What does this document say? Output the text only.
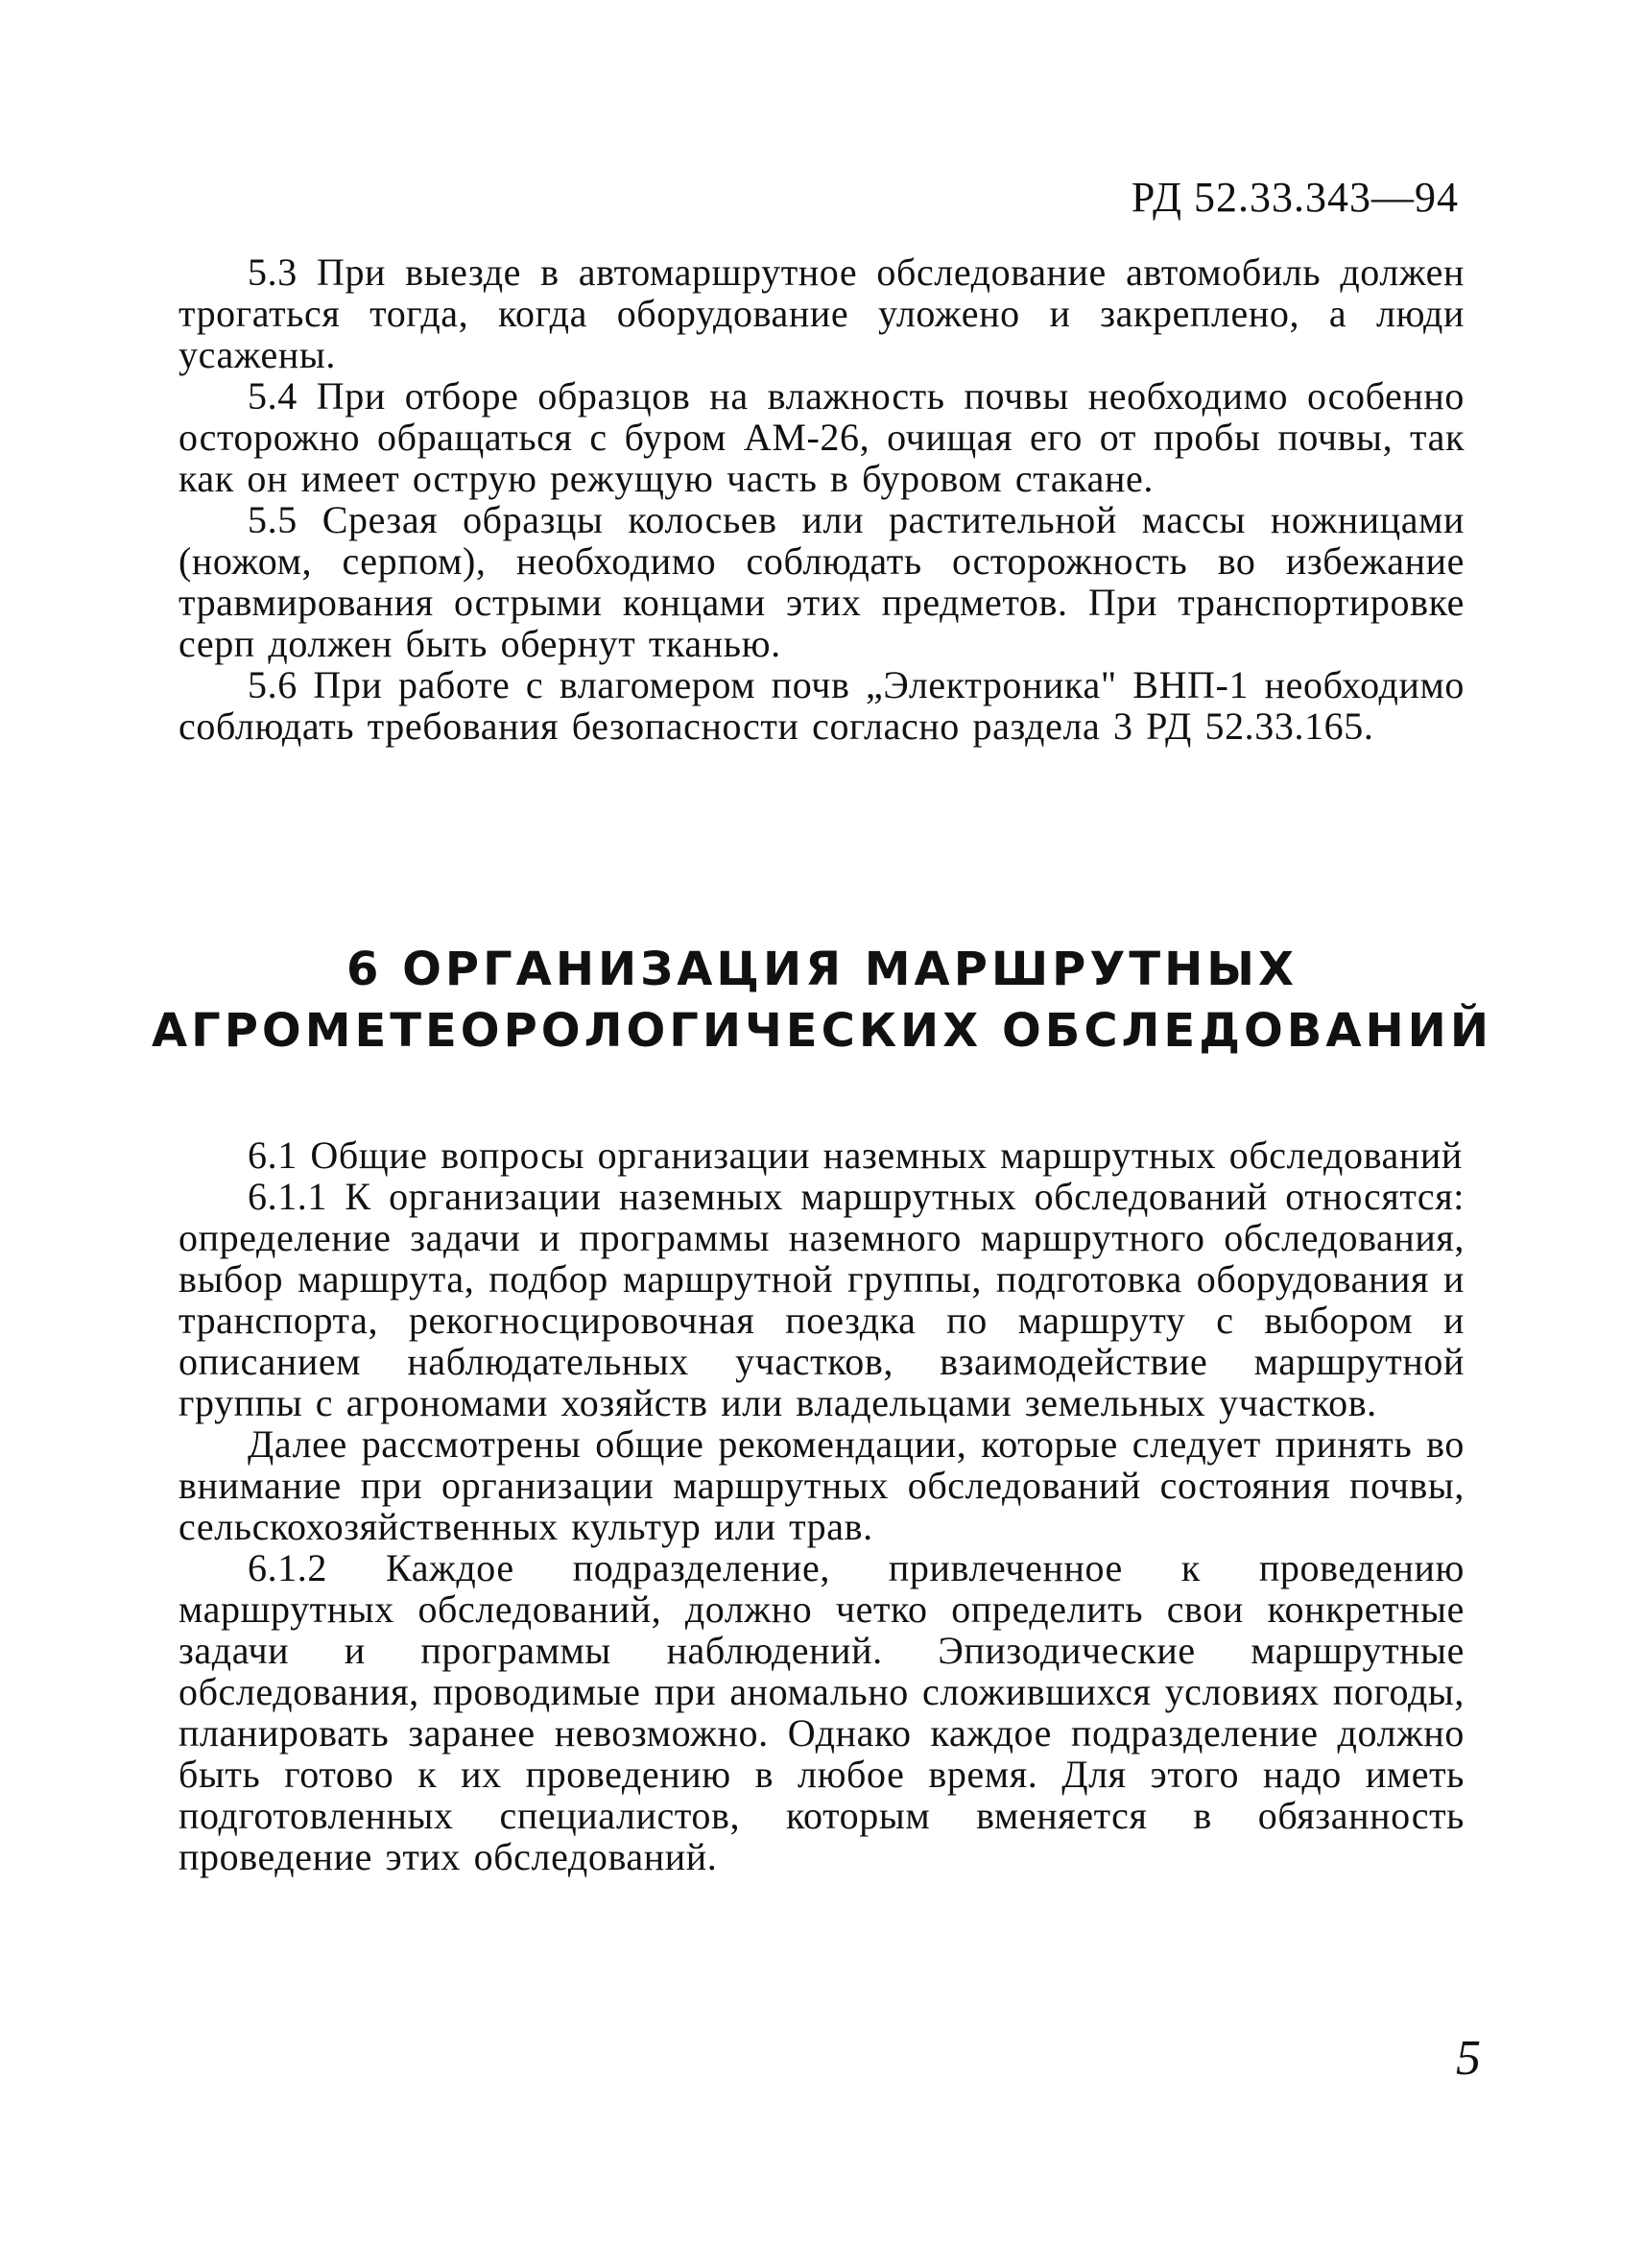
РД 52.33.343—94

5.3 При выезде в автомаршрутное обследование автомобиль должен трогаться тогда, когда оборудование уложено и закреплено, а люди усажены.

5.4 При отборе образцов на влажность почвы необходимо особенно осторожно обращаться с буром АМ-26, очищая его от пробы почвы, так как он имеет острую режущую часть в буровом стакане.

5.5 Срезая образцы колосьев или растительной массы ножницами (ножом, серпом), необходимо соблюдать осторожность во избежание травмирования острыми концами этих предметов. При транспортировке серп должен быть обернут тканью.

5.6 При работе с влагомером почв „Электроника" ВНП-1 необходимо соблюдать требования безопасности согласно раздела 3 РД 52.33.165.

6 ОРГАНИЗАЦИЯ МАРШРУТНЫХ
АГРОМЕТЕОРОЛОГИЧЕСКИХ ОБСЛЕДОВАНИЙ

6.1 Общие вопросы организации наземных маршрутных обследований

6.1.1 К организации наземных маршрутных обследований относятся: определение задачи и программы наземного маршрутного обследования, выбор маршрута, подбор маршрутной группы, подготовка оборудования и транспорта, рекогносцировочная поездка по маршруту с выбором и описанием наблюдательных участков, взаимодействие маршрутной группы с агрономами хозяйств или владельцами земельных участков.

Далее рассмотрены общие рекомендации, которые следует принять во внимание при организации маршрутных обследований состояния почвы, сельскохозяйственных культур или трав.

6.1.2 Каждое подразделение, привлеченное к проведению маршрутных обследований, должно четко определить свои конкретные задачи и программы наблюдений. Эпизодические маршрутные обследования, проводимые при аномально сложившихся условиях погоды, планировать заранее невозможно. Однако каждое подразделение должно быть готово к их проведению в любое время. Для этого надо иметь подготовленных специалистов, которым вменяется в обязанность проведение этих обследований.

5
